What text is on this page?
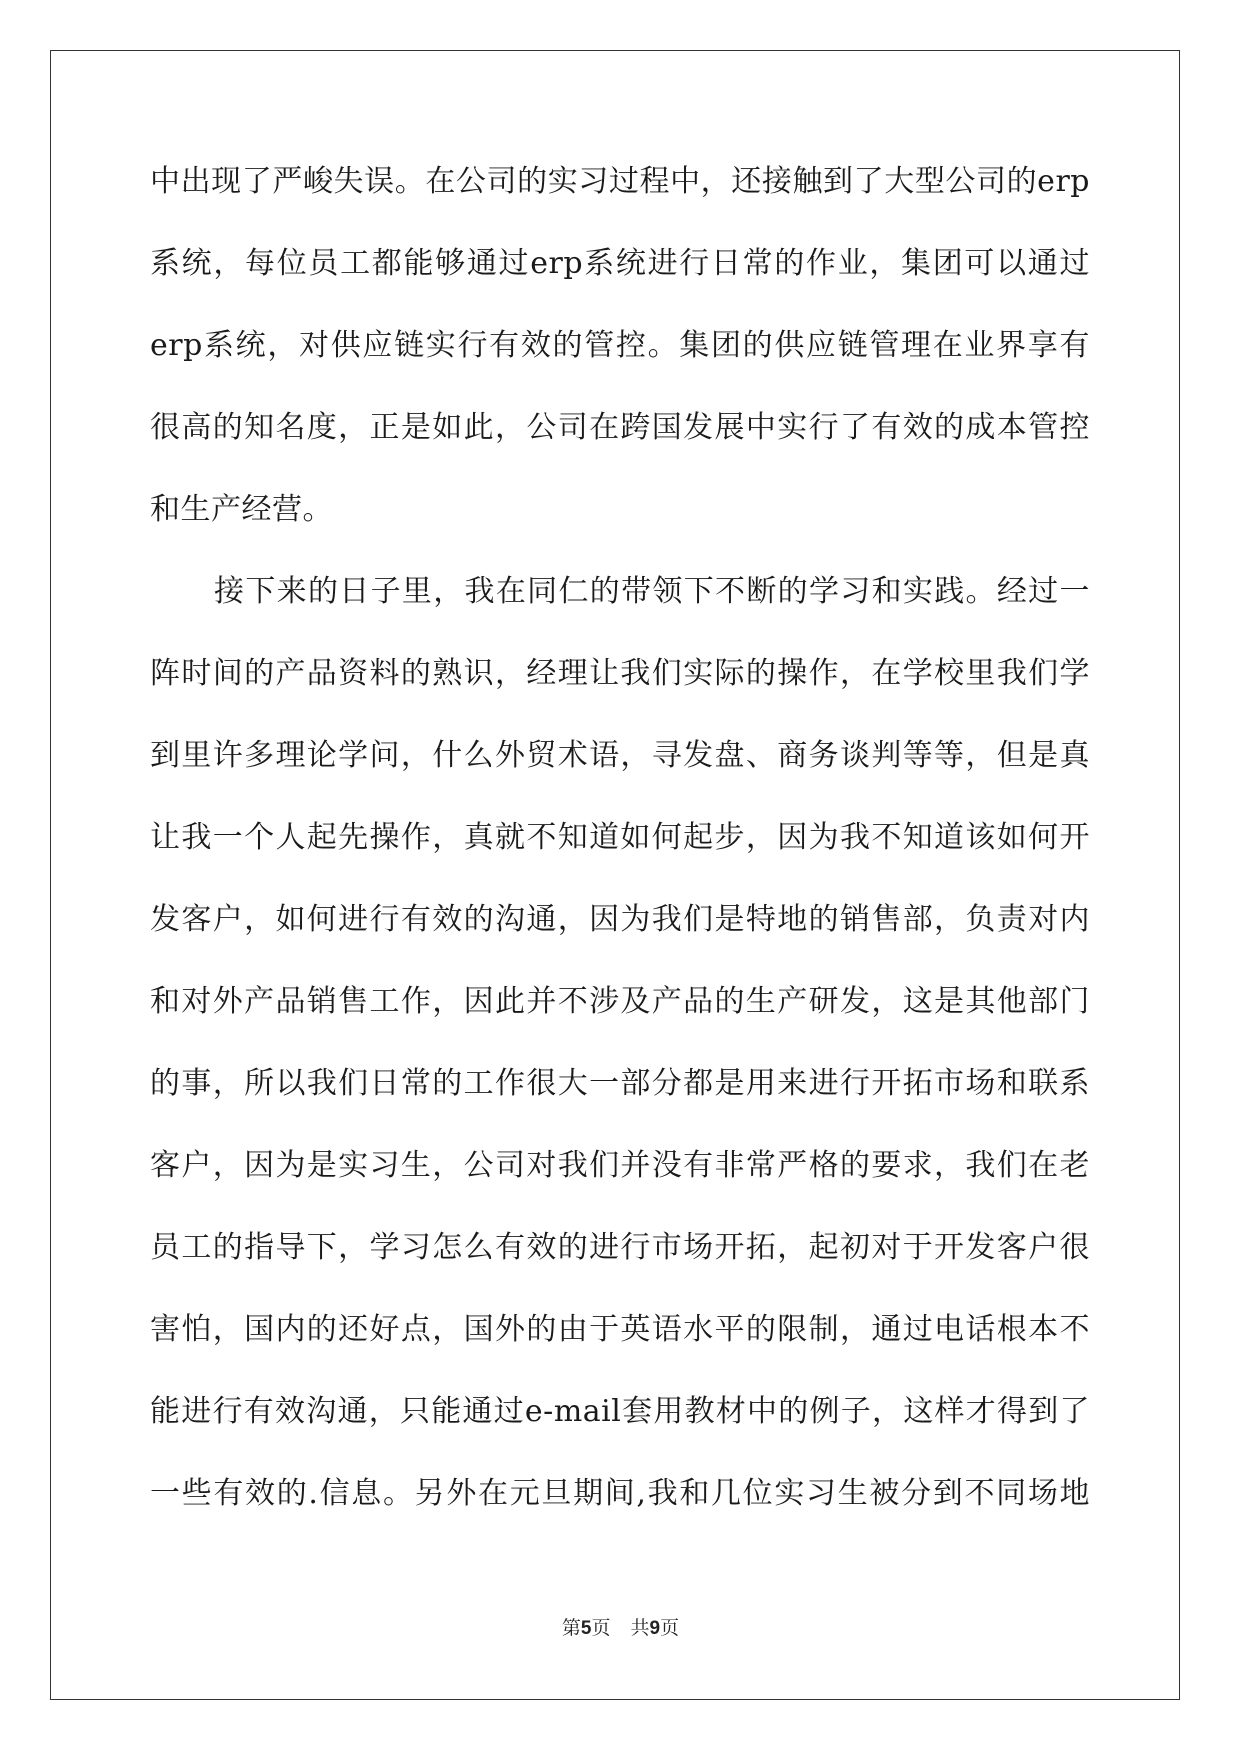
中出现了严峻失误。在公司的实习过程中，还接触到了大型公司的erp
系统，每位员工都能够通过erp系统进行日常的作业，集团可以通过
erp系统，对供应链实行有效的管控。集团的供应链管理在业界享有
很高的知名度，正是如此，公司在跨国发展中实行了有效的成本管控
和生产经营。
接下来的日子里，我在同仁的带领下不断的学习和实践。经过一
阵时间的产品资料的熟识，经理让我们实际的操作，在学校里我们学
到里许多理论学问，什么外贸术语，寻发盘、商务谈判等等，但是真
让我一个人起先操作，真就不知道如何起步，因为我不知道该如何开
发客户，如何进行有效的沟通，因为我们是特地的销售部，负责对内
和对外产品销售工作，因此并不涉及产品的生产研发，这是其他部门
的事，所以我们日常的工作很大一部分都是用来进行开拓市场和联系
客户，因为是实习生，公司对我们并没有非常严格的要求，我们在老
员工的指导下，学习怎么有效的进行市场开拓，起初对于开发客户很
害怕，国内的还好点，国外的由于英语水平的限制，通过电话根本不
能进行有效沟通，只能通过e-mail套用教材中的例子，这样才得到了
一些有效的.信息。另外在元旦期间,我和几位实习生被分到不同场地
第5页 共9页
